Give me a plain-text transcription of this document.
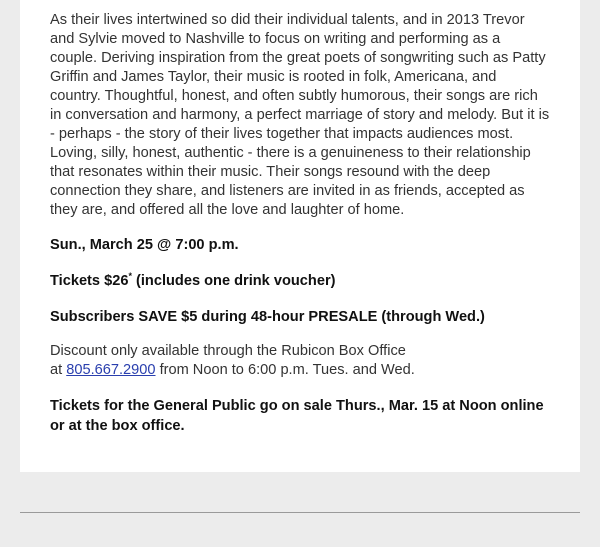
As their lives intertwined so did their individual talents, and in 2013 Trevor and Sylvie moved to Nashville to focus on writing and performing as a couple. Deriving inspiration from the great poets of songwriting such as Patty Griffin and James Taylor, their music is rooted in folk, Americana, and country. Thoughtful, honest, and often subtly humorous, their songs are rich in conversation and harmony, a perfect marriage of story and melody. But it is - perhaps - the story of their lives together that impacts audiences most. Loving, silly, honest, authentic - there is a genuineness to their relationship that resonates within their music. Their songs resound with the deep connection they share, and listeners are invited in as friends, accepted as they are, and offered all the love and laughter of home.

Sun., March 25 @ 7:00 p.m.

Tickets $26* (includes one drink voucher)

Subscribers SAVE $5 during 48-hour PRESALE (through Wed.)

Discount only available through the Rubicon Box Office
at 805.667.2900 from Noon to 6:00 p.m. Tues. and Wed.

Tickets for the General Public go on sale Thurs., Mar. 15 at Noon online or at the box office.
